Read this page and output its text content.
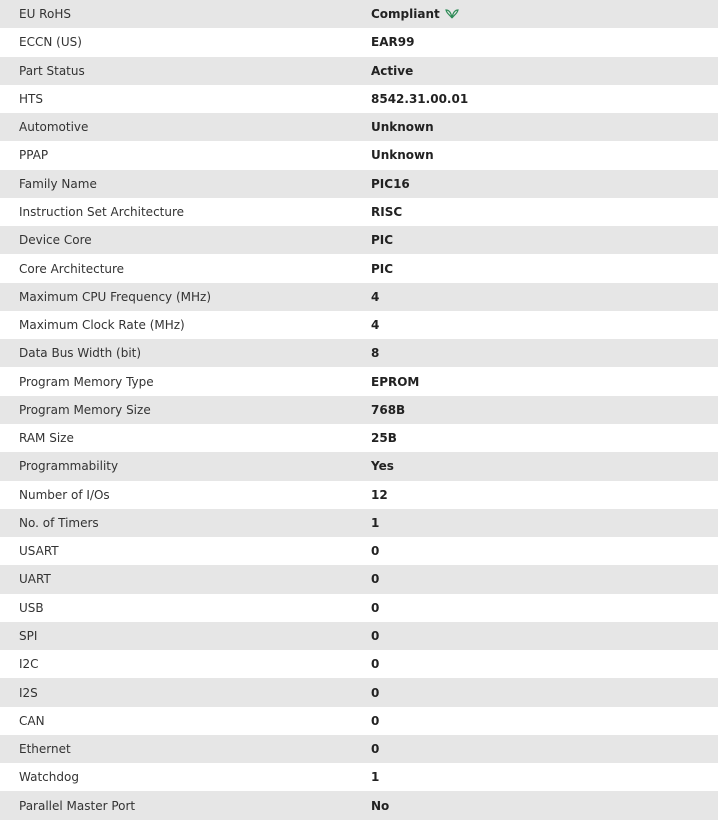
EU RoHS	Compliant
ECCN (US)	EAR99
Part Status	Active
HTS	8542.31.00.01
Automotive	Unknown
PPAP	Unknown
Family Name	PIC16
Instruction Set Architecture	RISC
Device Core	PIC
Core Architecture	PIC
Maximum CPU Frequency (MHz)	4
Maximum Clock Rate (MHz)	4
Data Bus Width (bit)	8
Program Memory Type	EPROM
Program Memory Size	768B
RAM Size	25B
Programmability	Yes
Number of I/Os	12
No. of Timers	1
USART	0
UART	0
USB	0
SPI	0
I2C	0
I2S	0
CAN	0
Ethernet	0
Watchdog	1
Parallel Master Port	No
